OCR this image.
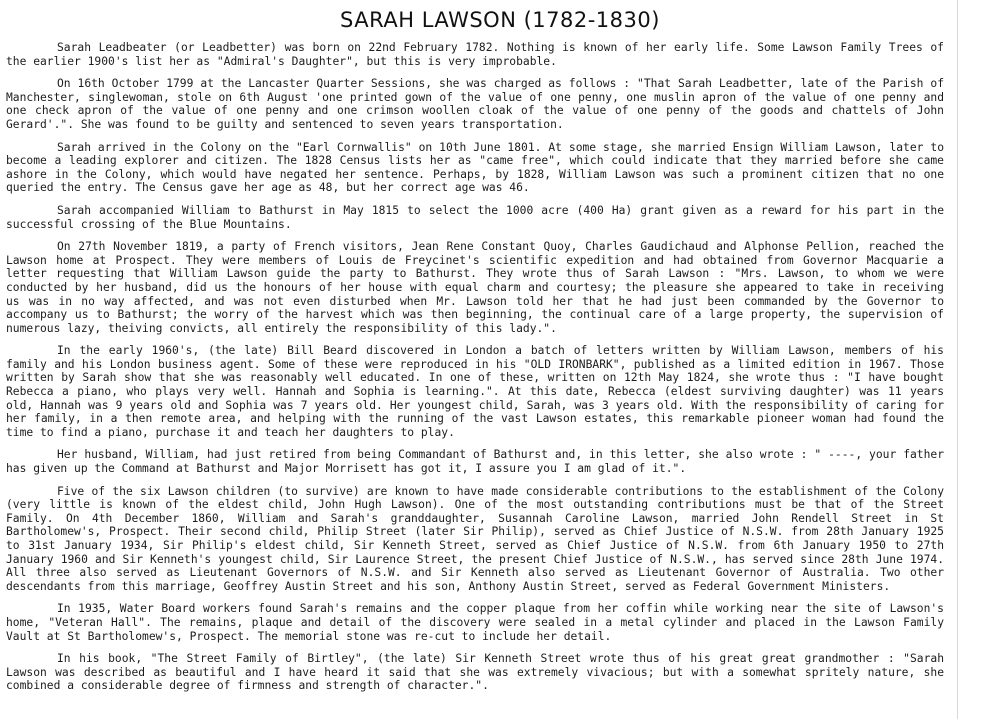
SARAH LAWSON (1782-1830)

Sarah Leadbeater (or Leadbetter) was born on 22nd February 1782. Nothing is known of her early life. Some Lawson Family Trees of the earlier 1900's list her as "Admiral's Daughter", but this is very improbable.

On 16th October 1799 at the Lancaster Quarter Sessions, she was charged as follows : "That Sarah Leadbetter, late of the Parish of Manchester, singlewoman, stole on 6th August 'one printed gown of the value of one penny, one muslin apron of the value of one penny and one check apron of the value of one penny and one crimson woollen cloak of the value of one penny of the goods and chattels of John Gerard'.". She was found to be guilty and sentenced to seven years transportation.

Sarah arrived in the Colony on the "Earl Cornwallis" on 10th June 1801. At some stage, she married Ensign William Lawson, later to become a leading explorer and citizen. The 1828 Census lists her as "came free", which could indicate that they married before she came ashore in the Colony, which would have negated her sentence. Perhaps, by 1828, William Lawson was such a prominent citizen that no one queried the entry. The Census gave her age as 48, but her correct age was 46.

Sarah accompanied William to Bathurst in May 1815 to select the 1000 acre (400 Ha) grant given as a reward for his part in the successful crossing of the Blue Mountains.

On 27th November 1819, a party of French visitors, Jean Rene Constant Quoy, Charles Gaudichaud and Alphonse Pellion, reached the Lawson home at Prospect. They were members of Louis de Freycinet's scientific expedition and had obtained from Governor Macquarie a letter requesting that William Lawson guide the party to Bathurst. They wrote thus of Sarah Lawson : "Mrs. Lawson, to whom we were conducted by her husband, did us the honours of her house with equal charm and courtesy; the pleasure she appeared to take in receiving us was in no way affected, and was not even disturbed when Mr. Lawson told her that he had just been commanded by the Governor to accompany us to Bathurst; the worry of the harvest which was then beginning, the continual care of a large property, the supervision of numerous lazy, theiving convicts, all entirely the responsibility of this lady.".

In the early 1960's, (the late) Bill Beard discovered in London a batch of letters written by William Lawson, members of his family and his London business agent. Some of these were reproduced in his "OLD IRONBARK", published as a limited edition in 1967. Those written by Sarah show that she was reasonably well educated. In one of these, written on 12th May 1824, she wrote thus : "I have bought Rebecca a piano, who plays very well. Hannah and Sophia is learning.". At this date, Rebecca (eldest surviving daughter) was 11 years old, Hannah was 9 years old and Sophia was 7 years old. Her youngest child, Sarah, was 3 years old. With the responsibility of caring for her family, in a then remote area, and helping with the running of the vast Lawson estates, this remarkable pioneer woman had found the time to find a piano, purchase it and teach her daughters to play.

Her husband, William, had just retired from being Commandant of Bathurst and, in this letter, she also wrote : " ----, your father has given up the Command at Bathurst and Major Morrisett has got it, I assure you I am glad of it.".

Five of the six Lawson children (to survive) are known to have made considerable contributions to the establishment of the Colony (very little is known of the eldest child, John Hugh Lawson). One of the most outstanding contributions must be that of the Street Family. On 4th December 1860, William and Sarah's granddaughter, Susannah Caroline Lawson, married John Rendell Street in St Bartholomew's, Prospect. Their second child, Philip Street (later Sir Philip), served as Chief Justice of N.S.W. from 28th January 1925 to 31st January 1934, Sir Philip's eldest child, Sir Kenneth Street, served as Chief Justice of N.S.W. from 6th January 1950 to 27th January 1960 and Sir Kenneth's youngest child, Sir Laurence Street, the present Chief Justice of N.S.W., has served since 28th June 1974. All three also served as Lieutenant Governors of N.S.W. and Sir Kenneth also served as Lieutenant Governor of Australia. Two other descendants from this marriage, Geoffrey Austin Street and his son, Anthony Austin Street, served as Federal Government Ministers.

In 1935, Water Board workers found Sarah's remains and the copper plaque from her coffin while working near the site of Lawson's home, "Veteran Hall". The remains, plaque and detail of the discovery were sealed in a metal cylinder and placed in the Lawson Family Vault at St Bartholomew's, Prospect. The memorial stone was re-cut to include her detail.

In his book, "The Street Family of Birtley", (the late) Sir Kenneth Street wrote thus of his great great grandmother : "Sarah Lawson was described as beautiful and I have heard it said that she was extremely vivacious; but with a somewhat spritely nature, she combined a considerable degree of firmness and strength of character.".
